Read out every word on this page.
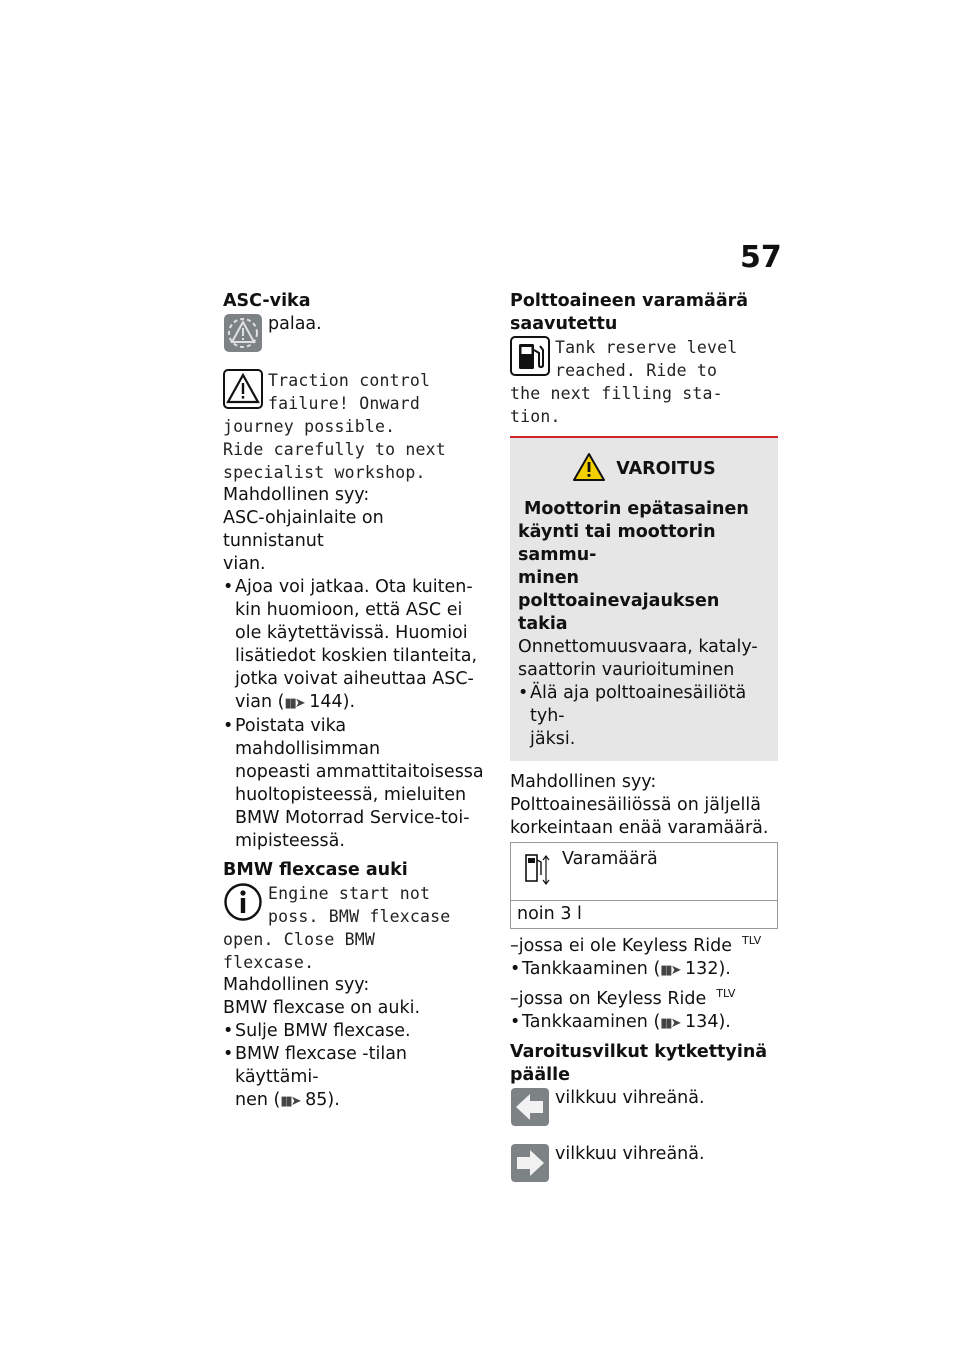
57
ASC-vika
palaa.
Traction control
failure! Onward
journey possible.
Ride carefully to next
specialist workshop.
Mahdollinen syy:
ASC-ohjainlaite on tunnistanut
vian.
• Ajoa voi jatkaa. Ota kuiten-
kin huomioon, että ASC ei
ole käytettävissä. Huomioi
lisätiedot koskien tilanteita,
jotka voivat aiheuttaa ASC-
vian (▮▮➤ 144).
• Poistata vika mahdollisimman
nopeasti ammattitaitoisessa
huoltopisteessä, mieluiten
BMW Motorrad Service-toi-
mipisteessä.
BMW flexcase auki
Engine start not
poss. BMW flexcase
open. Close BMW
flexcase.
Mahdollinen syy:
BMW flexcase on auki.
• Sulje BMW flexcase.
• BMW flexcase -tilan käyttämi-
nen (▮▮➤ 85).
Polttoaineen varamäärä
saavutettu
Tank reserve level
reached. Ride to
the next filling sta-
tion.
VAROITUS
Moottorin epätasainen
käynti tai moottorin sammu-
minen polttoainevajauksen
takia
Onnettomuusvaara, kataly-
saattorin vaurioituminen
• Älä aja polttoainesäiliötä tyh-
jäksi.
Mahdollinen syy:
Polttoainesäiliössä on jäljellä
korkeintaan enää varamäärä.
Varamäärä
noin 3 l
–jossa ei ole Keyless Ride $^{TLV}$
• Tankkaaminen (▮▮➤ 132).
–jossa on Keyless Ride $^{TLV}$
• Tankkaaminen (▮▮➤ 134).
Varoitusvilkut kytkettyinä
päälle
vilkkuu vihreänä.
vilkkuu vihreänä.
